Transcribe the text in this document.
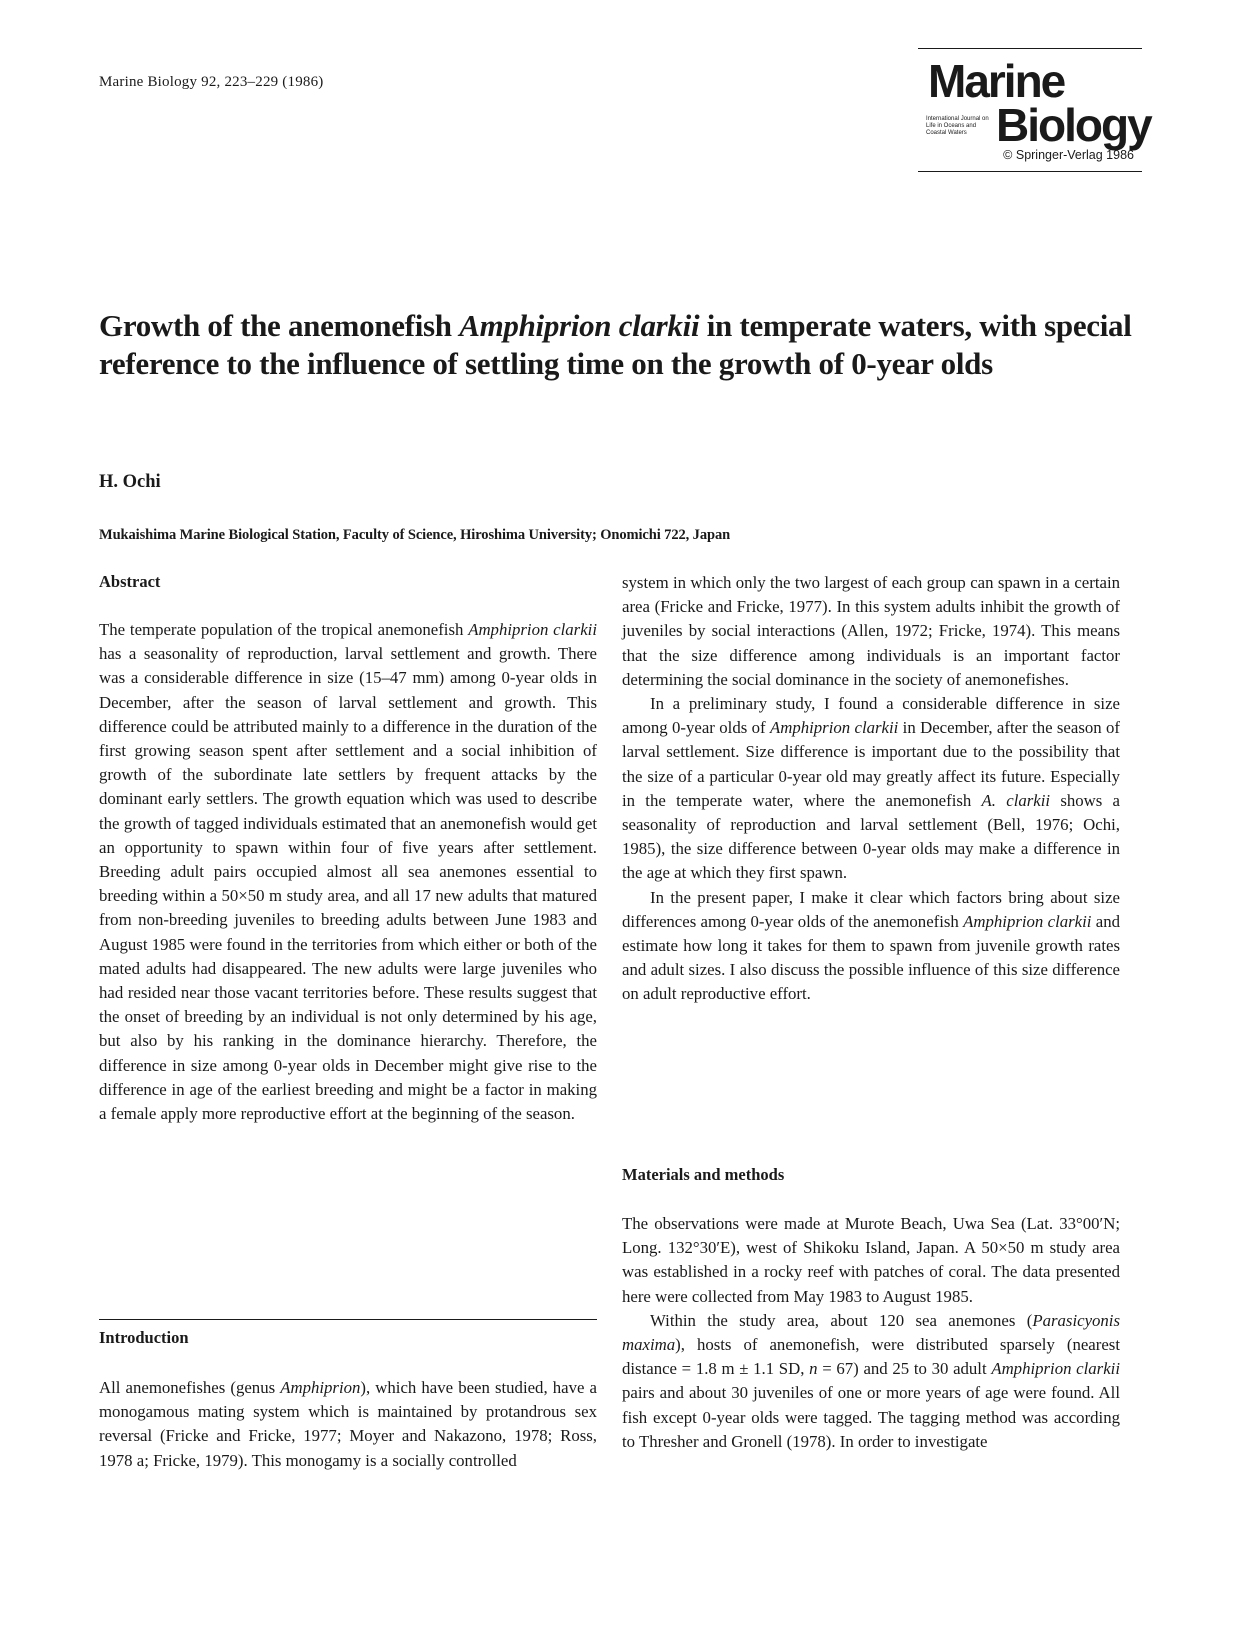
Marine Biology 92, 223–229 (1986)	Marine
International Journal on Life in Oceans and Coastal Waters Biology
© Springer-Verlag 1986
Growth of the anemonefish Amphiprion clarkii in temperate waters, with special reference to the influence of settling time on the growth of 0-year olds
H. Ochi
Mukaishima Marine Biological Station, Faculty of Science, Hiroshima University; Onomichi 722, Japan
Abstract

The temperate population of the tropical anemonefish Amphiprion clarkii has a seasonality of reproduction, larval settlement and growth. There was a considerable difference in size (15–47 mm) among 0-year olds in December, after the season of larval settlement and growth. This difference could be attributed mainly to a difference in the duration of the first growing season spent after settlement and a social inhibition of growth of the subordinate late settlers by frequent attacks by the dominant early settlers. The growth equation which was used to describe the growth of tagged individuals estimated that an anemonefish would get an opportunity to spawn within four of five years after settlement. Breeding adult pairs occupied almost all sea anemones essential to breeding within a 50×50 m study area, and all 17 new adults that matured from non-breeding juveniles to breeding adults between June 1983 and August 1985 were found in the territories from which either or both of the mated adults had disappeared. The new adults were large juveniles who had resided near those vacant territories before. These results suggest that the onset of breeding by an individual is not only determined by his age, but also by his ranking in the dominance hierarchy. Therefore, the difference in size among 0-year olds in December might give rise to the difference in age of the earliest breeding and might be a factor in making a female apply more reproductive effort at the beginning of the season.

Introduction

All anemonefishes (genus Amphiprion), which have been studied, have a monogamous mating system which is maintained by protandrous sex reversal (Fricke and Fricke, 1977; Moyer and Nakazono, 1978; Ross, 1978 a; Fricke, 1979). This monogamy is a socially controlled

system in which only the two largest of each group can spawn in a certain area (Fricke and Fricke, 1977). In this system adults inhibit the growth of juveniles by social interactions (Allen, 1972; Fricke, 1974). This means that the size difference among individuals is an important factor determining the social dominance in the society of anemonefishes.

In a preliminary study, I found a considerable difference in size among 0-year olds of Amphiprion clarkii in December, after the season of larval settlement. Size difference is important due to the possibility that the size of a particular 0-year old may greatly affect its future. Especially in the temperate water, where the anemonefish A. clarkii shows a seasonality of reproduction and larval settlement (Bell, 1976; Ochi, 1985), the size difference between 0-year olds may make a difference in the age at which they first spawn.

In the present paper, I make it clear which factors bring about size differences among 0-year olds of the anemonefish Amphiprion clarkii and estimate how long it takes for them to spawn from juvenile growth rates and adult sizes. I also discuss the possible influence of this size difference on adult reproductive effort.

Materials and methods

The observations were made at Murote Beach, Uwa Sea (Lat. 33°00′N; Long. 132°30′E), west of Shikoku Island, Japan. A 50×50 m study area was established in a rocky reef with patches of coral. The data presented here were collected from May 1983 to August 1985.

Within the study area, about 120 sea anemones (Parasicyonis maxima), hosts of anemonefish, were distributed sparsely (nearest distance = 1.8 m ± 1.1 SD, n = 67) and 25 to 30 adult Amphiprion clarkii pairs and about 30 juveniles of one or more years of age were found. All fish except 0-year olds were tagged. The tagging method was according to Thresher and Gronell (1978). In order to investigate
